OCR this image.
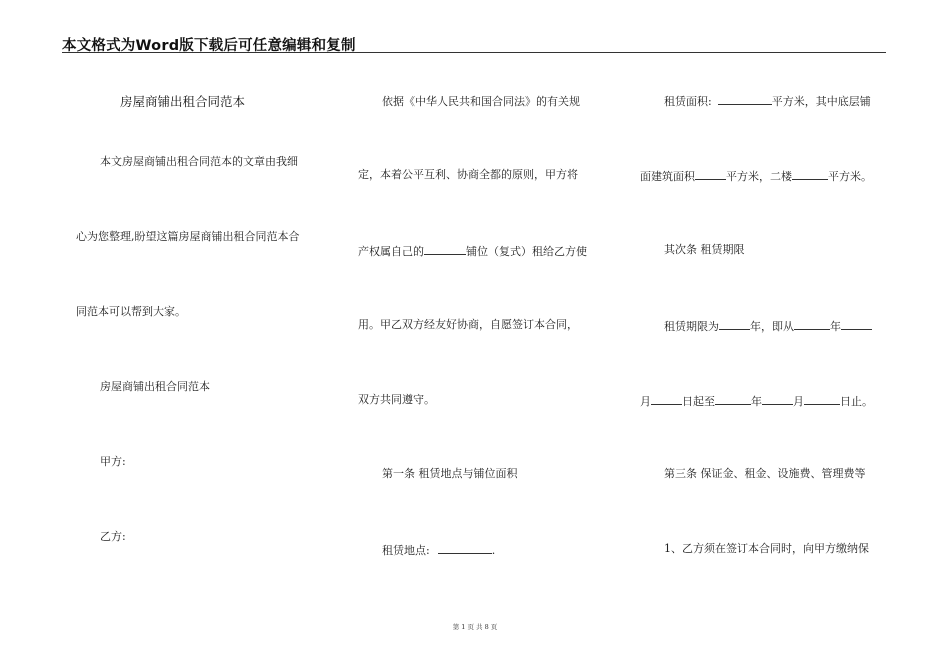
本文格式为Word版下载后可任意编辑和复制
房屋商铺出租合同范本
本文房屋商铺出租合同范本的文章由我细
心为您整理,盼望这篇房屋商铺出租合同范本合
同范本可以帮到大家。
房屋商铺出租合同范本
甲方:
乙方:
依据《中华人民共和国合同法》的有关规
定，本着公平互利、协商全都的原则，甲方将
产权属自己的	铺位（复式）租给乙方使
用。甲乙双方经友好协商，自愿签订本合同，
双方共同遵守。
第一条 租赁地点与铺位面积
租赁地点:	.
租赁面积:	平方米，其中底层铺
面建筑面积	平方米，二楼	平方米。
其次条 租赁期限
租赁期限为	年，即从	年
月	日起至	年	月	日止。
第三条 保证金、租金、设施费、管理费等
1、乙方须在签订本合同时，向甲方缴纳保
第 1 页 共 8 页
